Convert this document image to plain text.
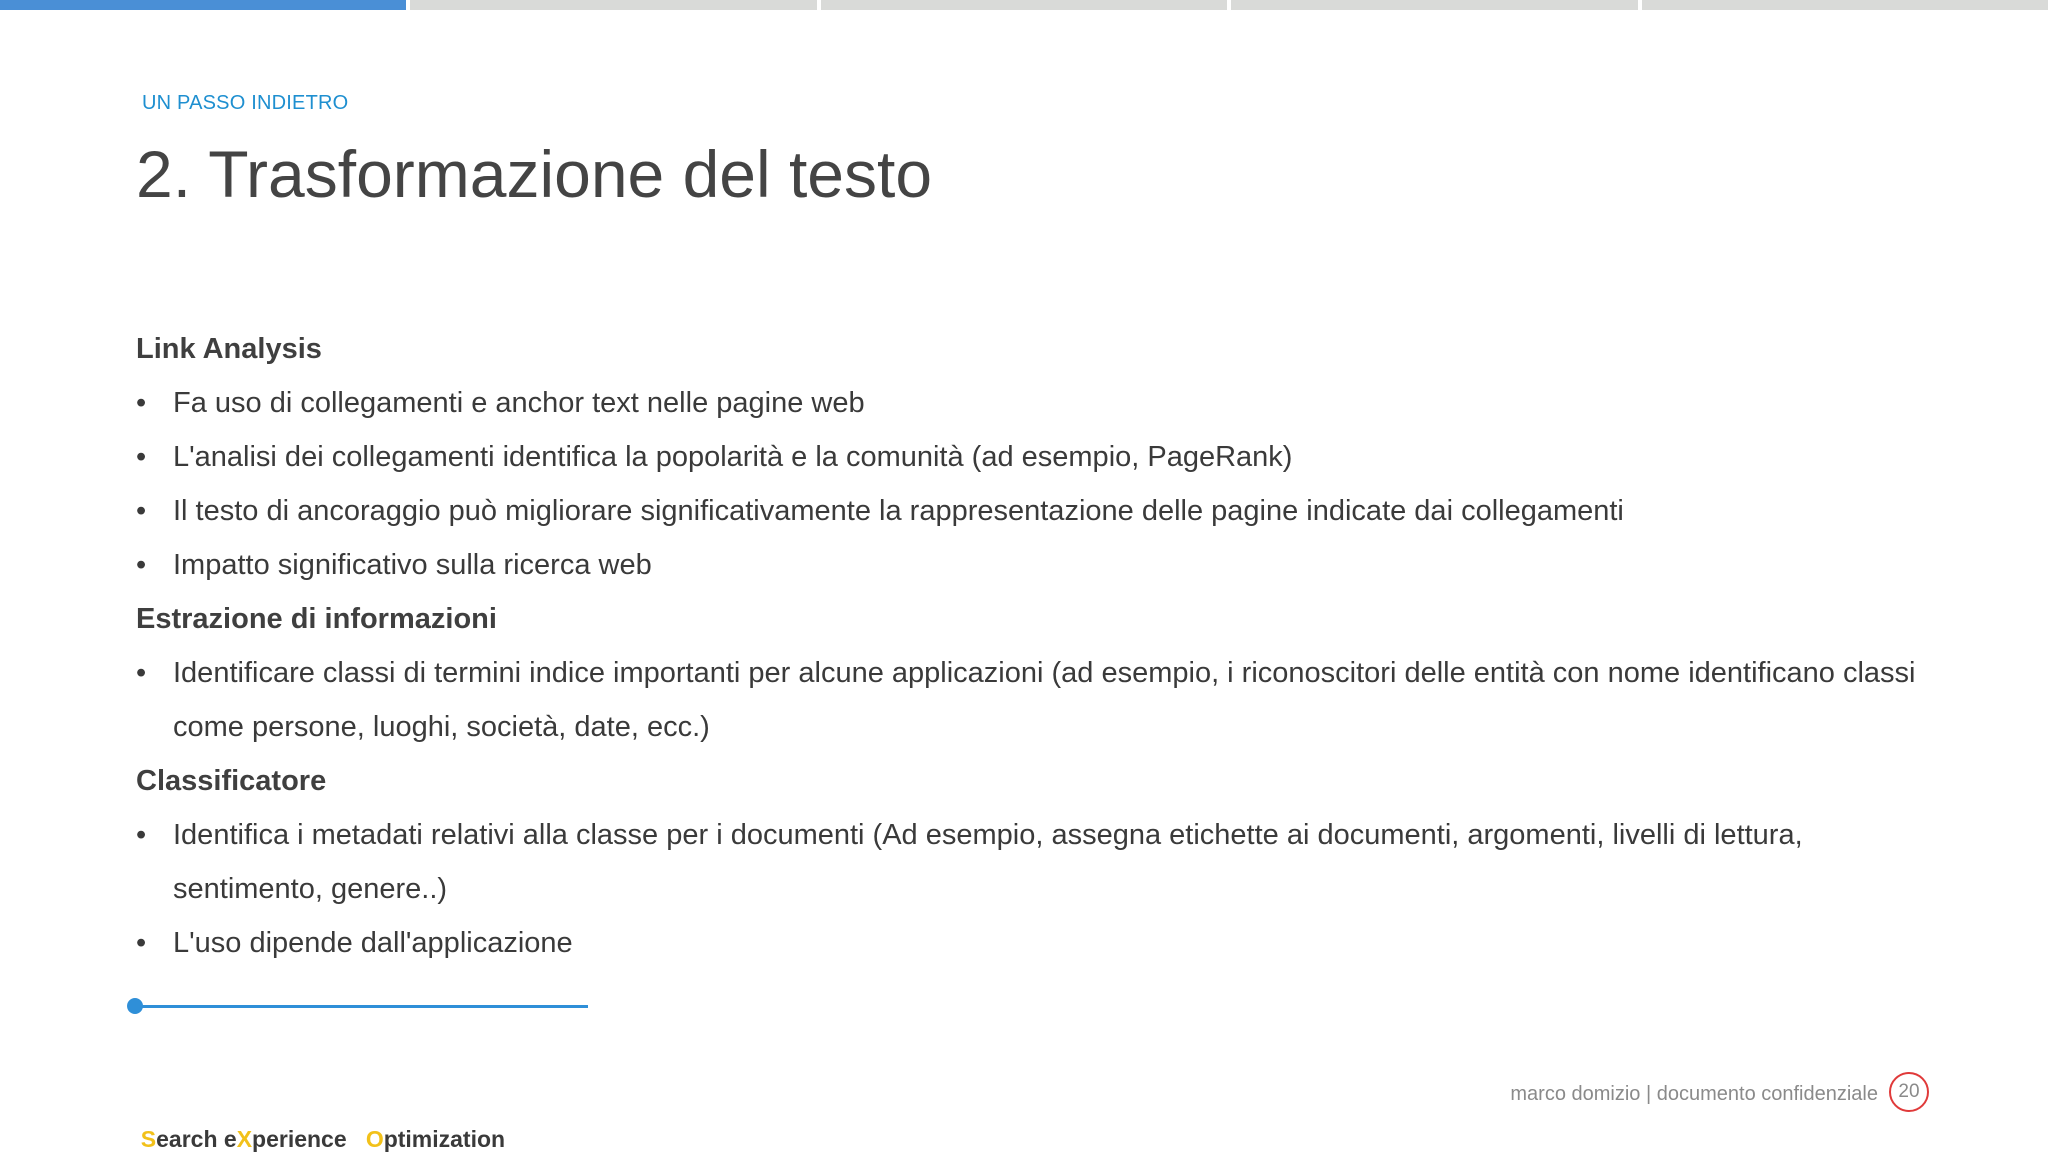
UN PASSO INDIETRO
2. Trasformazione del testo
Link Analysis
• Fa uso di collegamenti e anchor text nelle pagine web
• L'analisi dei collegamenti identifica la popolarità e la comunità (ad esempio, PageRank)
• Il testo di ancoraggio può migliorare significativamente la rappresentazione delle pagine indicate dai collegamenti
• Impatto significativo sulla ricerca web
Estrazione di informazioni
• Identificare classi di termini indice importanti per alcune applicazioni (ad esempio, i riconoscitori delle entità con nome identificano classi come persone, luoghi, società, date, ecc.)
Classificatore
• Identifica i metadati relativi alla classe per i documenti (Ad esempio, assegna etichette ai documenti, argomenti, livelli di lettura, sentimento, genere..)
• L'uso dipende dall'applicazione

Search eXperience   Optimization

marco domizio | documento confidenziale	20
